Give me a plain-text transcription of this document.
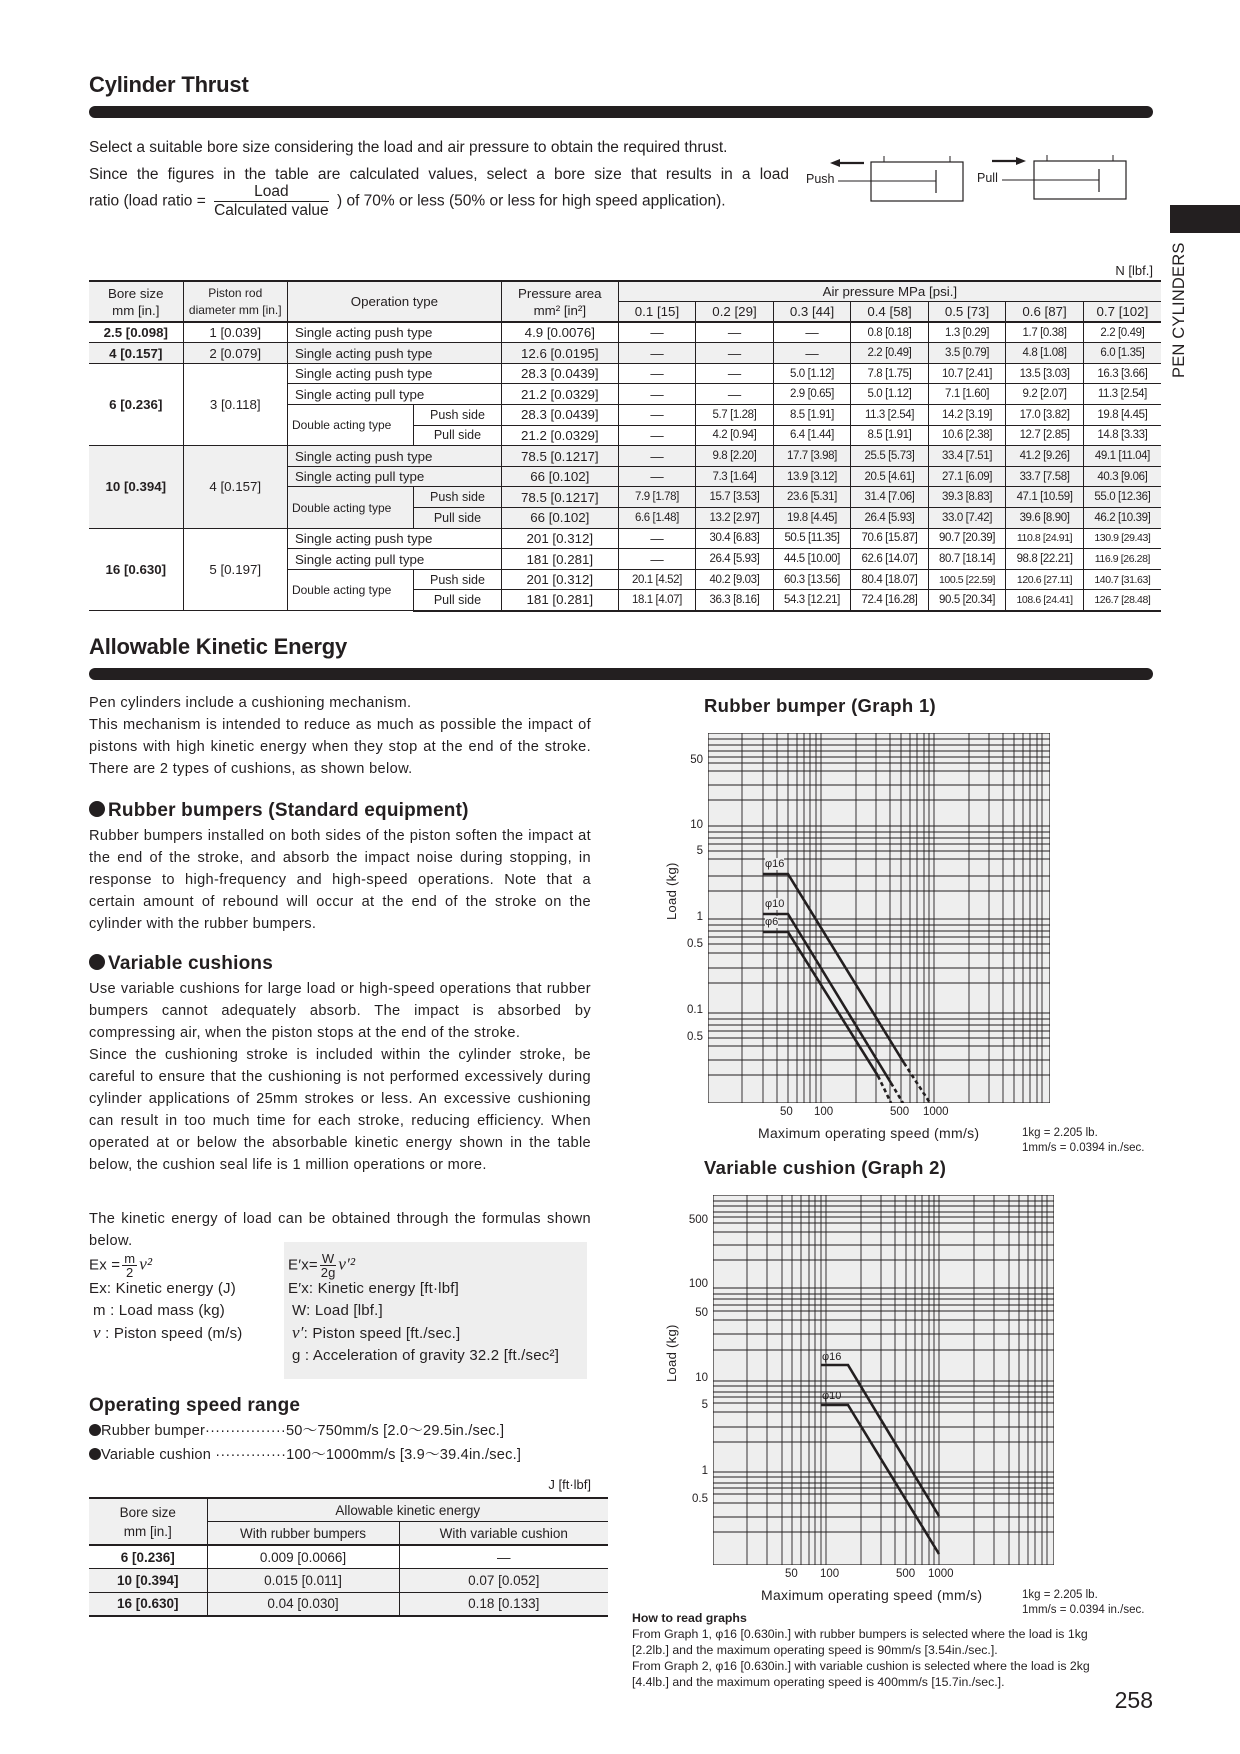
PEN CYLINDERS
Cylinder Thrust
Select a suitable bore size considering the load and air pressure to obtain the required thrust.
Since the figures in the table are calculated values, select a bore size that results in a load
ratio (load ratio = $\frac{\text{Load}}{\text{Calculated value}}$ ) of 70% or less (50% or less for high speed application).
Push	Pull
N [lbf.]
Bore size
mm [in.]	Piston rod
diameter mm [in.]	Operation type		Pressure area
mm² [in²]	Air pressure MPa [psi.]						
					0.1 [15]	0.2 [29]	0.3 [44]	0.4 [58]	0.5 [73]	0.6 [87]	0.7 [102]
2.5 [0.098]	1 [0.039]	Single acting push type		4.9 [0.0076]	—	—	—	0.8 [0.18]	1.3 [0.29]	1.7 [0.38]	2.2 [0.49]
4 [0.157]	2 [0.079]	Single acting push type		12.6 [0.0195]	—	—	—	2.2 [0.49]	3.5 [0.79]	4.8 [1.08]	6.0 [1.35]
6 [0.236]	3 [0.118]	Single acting push type		28.3 [0.0439]	—	—	5.0 [1.12]	7.8 [1.75]	10.7 [2.41]	13.5 [3.03]	16.3 [3.66]
		Single acting pull type		21.2 [0.0329]	—	—	2.9 [0.65]	5.0 [1.12]	7.1 [1.60]	9.2 [2.07]	11.3 [2.54]
		Double acting type	Push side	28.3 [0.0439]	—	5.7 [1.28]	8.5 [1.91]	11.3 [2.54]	14.2 [3.19]	17.0 [3.82]	19.8 [4.45]
			Pull side	21.2 [0.0329]	—	4.2 [0.94]	6.4 [1.44]	8.5 [1.91]	10.6 [2.38]	12.7 [2.85]	14.8 [3.33]
10 [0.394]	4 [0.157]	Single acting push type		78.5 [0.1217]	—	9.8 [2.20]	17.7 [3.98]	25.5 [5.73]	33.4 [7.51]	41.2 [9.26]	49.1 [11.04]
		Single acting pull type		66 [0.102]	—	7.3 [1.64]	13.9 [3.12]	20.5 [4.61]	27.1 [6.09]	33.7 [7.58]	40.3 [9.06]
		Double acting type	Push side	78.5 [0.1217]	7.9 [1.78]	15.7 [3.53]	23.6 [5.31]	31.4 [7.06]	39.3 [8.83]	47.1 [10.59]	55.0 [12.36]
			Pull side	66 [0.102]	6.6 [1.48]	13.2 [2.97]	19.8 [4.45]	26.4 [5.93]	33.0 [7.42]	39.6 [8.90]	46.2 [10.39]
16 [0.630]	5 [0.197]	Single acting push type		201 [0.312]	—	30.4 [6.83]	50.5 [11.35]	70.6 [15.87]	90.7 [20.39]	110.8 [24.91]	130.9 [29.43]
		Single acting pull type		181 [0.281]	—	26.4 [5.93]	44.5 [10.00]	62.6 [14.07]	80.7 [18.14]	98.8 [22.21]	116.9 [26.28]
		Double acting type	Push side	201 [0.312]	20.1 [4.52]	40.2 [9.03]	60.3 [13.56]	80.4 [18.07]	100.5 [22.59]	120.6 [27.11]	140.7 [31.63]
			Pull side	181 [0.281]	18.1 [4.07]	36.3 [8.16]	54.3 [12.21]	72.4 [16.28]	90.5 [20.34]	108.6 [24.41]	126.7 [28.48]
Allowable Kinetic Energy
Pen cylinders include a cushioning mechanism.
This mechanism is intended to reduce as much as possible the impact of pistons with high kinetic energy when they stop at the end of the stroke. There are 2 types of cushions, as shown below.
Rubber bumpers (Standard equipment)
Rubber bumpers installed on both sides of the piston soften the impact at the end of the stroke, and absorb the impact noise during stopping, in response to high-frequency and high-speed operations. Note that a certain amount of rebound will occur at the end of the stroke on the cylinder with the rubber bumpers.
Variable cushions
Use variable cushions for large load or high-speed operations that rubber bumpers cannot adequately absorb. The impact is absorbed by compressing air, when the piston stops at the end of the stroke.
Since the cushioning stroke is included within the cylinder stroke, be careful to ensure that the cushioning is not performed excessively during cylinder applications of 25mm strokes or less. An excessive cushioning can result in too much time for each stroke, reducing efficiency. When operated at or below the absorbable kinetic energy shown in the table below, the cushion seal life is 1 million operations or more.
The kinetic energy of load can be obtained through the formulas shown below.
$Ex = \frac{m}{2} v^2$
Ex: Kinetic energy (J)
m : Load mass (kg)
v : Piston speed (m/s)
$E'x= \frac{W}{2g} v'^2$
E′x: Kinetic energy [ft·lbf]
W: Load [lbf.]
v′: Piston speed [ft./sec.]
g : Acceleration of gravity 32.2 [ft./sec²]
Operating speed range
Rubber bumper················50～750mm/s [2.0～29.5in./sec.]
Variable cushion ··············100～1000mm/s [3.9～39.4in./sec.]
J [ft·lbf]
Bore size
mm [in.]	Allowable kinetic energy	
	With rubber bumpers	With variable cushion
6 [0.236]	0.009 [0.0066]	—
10 [0.394]	0.015 [0.011]	0.07 [0.052]
16 [0.630]	0.04 [0.030]	0.18 [0.133]
Rubber bumper (Graph 1)
φ16
φ10
φ6
50
10
5
1
0.5
0.1
0.5
Load (kg)
50 100	500 1000
Maximum operating speed (mm/s)	1kg = 2.205 lb.
1mm/s = 0.0394 in./sec.
Variable cushion (Graph 2)
φ16
φ10
500
100
50
10
5
1
0.5
Load (kg)
50 100	500 1000
Maximum operating speed (mm/s)	1kg = 2.205 lb.
1mm/s = 0.0394 in./sec.
How to read graphs
From Graph 1, φ16 [0.630in.] with rubber bumpers is selected where the load is 1kg
[2.2lb.] and the maximum operating speed is 90mm/s [3.54in./sec.].
From Graph 2, φ16 [0.630in.] with variable cushion is selected where the load is 2kg
[4.4lb.] and the maximum operating speed is 400mm/s [15.7in./sec.].
258
